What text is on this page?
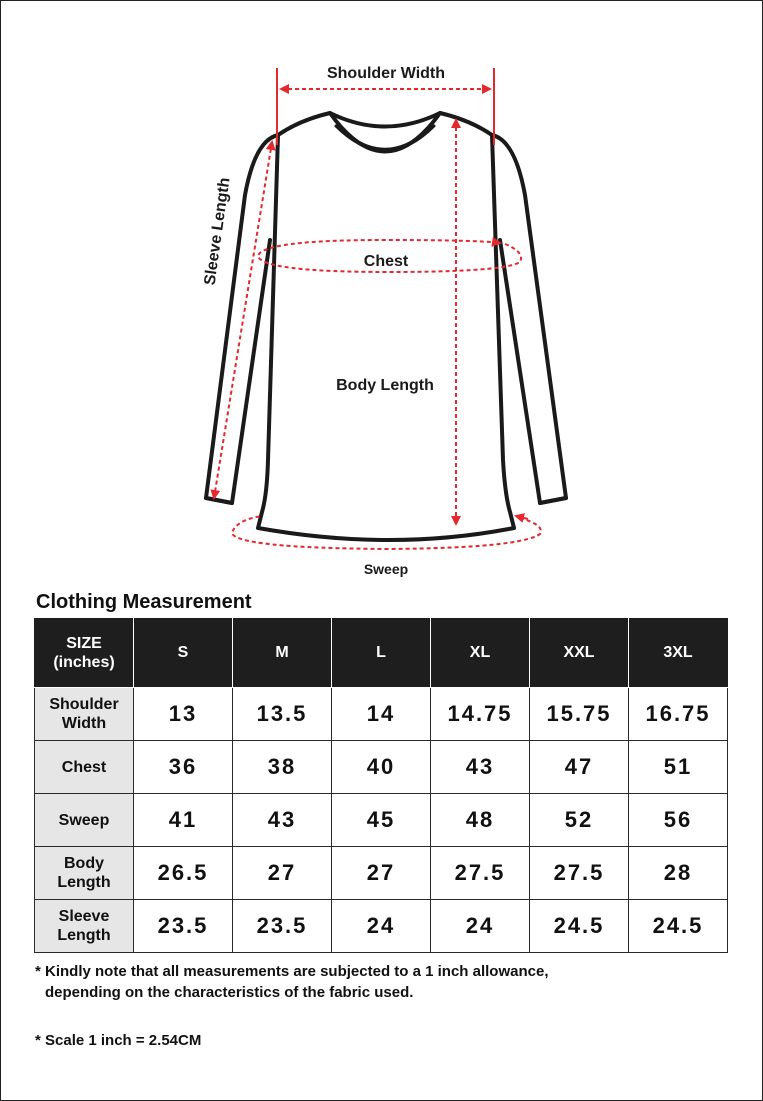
Shoulder Width
Sleeve Length	Chest
Body Length
Sweep
Clothing Measurement
SIZE
(inches)	S	M	L	XL	XXL	3XL
Shoulder
Width	13	13.5	14	14.75	15.75	16.75
Chest	36	38	40	43	47	51
Sweep	41	43	45	48	52	56
Body
Length	26.5	27	27	27.5	27.5	28
Sleeve
Length	23.5	23.5	24	24	24.5	24.5

* Kindly note that all measurements are subjected to a 1 inch allowance,
depending on the characteristics of the fabric used.

* Scale 1 inch = 2.54CM
